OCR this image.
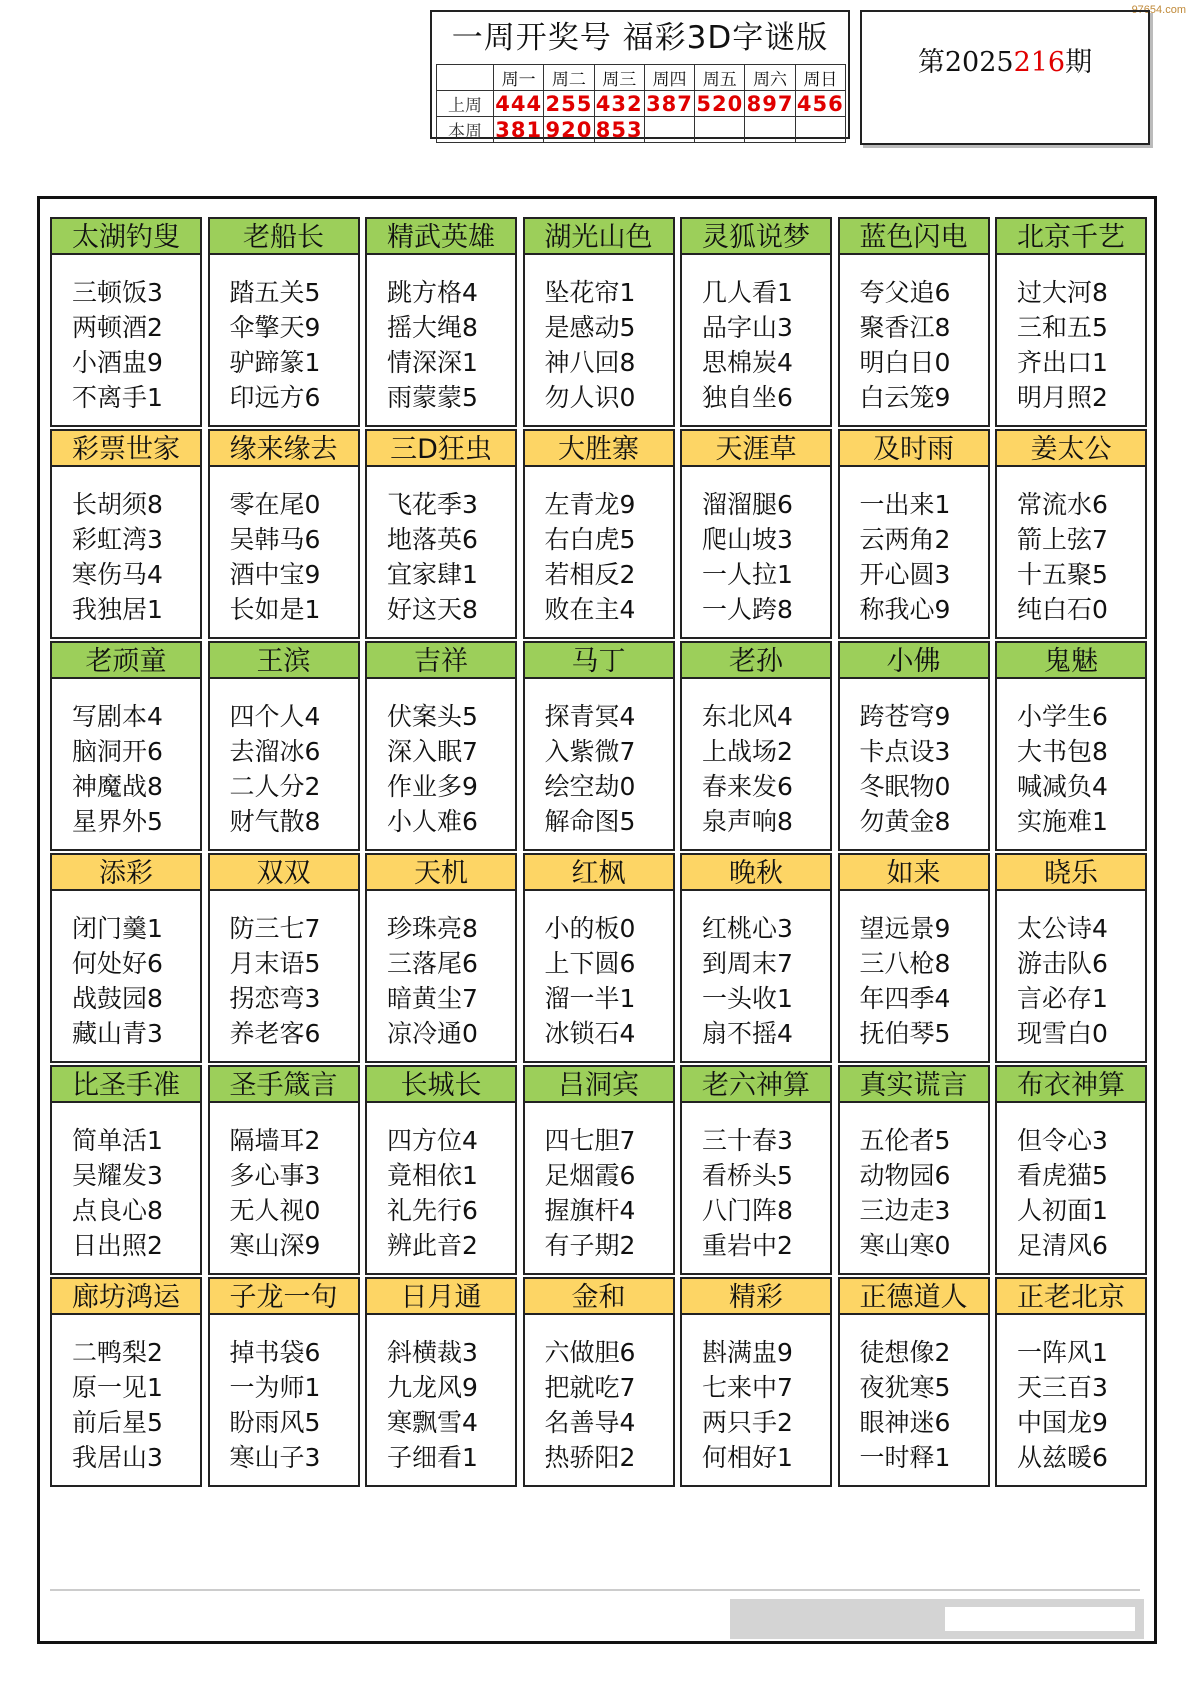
97654.com
一周开奖号 福彩3D字谜版
	周一	周二	周三	周四	周五	周六	周日
上周	444	255	432	387	520	897	456
本周	381	920	853				
第2025216期
太湖钓叟
三顿饭3
两顿酒2
小酒盅9
不离手1
老船长
踏五关5
伞擎天9
驴蹄篆1
印远方6
精武英雄
跳方格4
摇大绳8
情深深1
雨蒙蒙5
湖光山色
坠花帘1
是感动5
神八回8
勿人识0
灵狐说梦
几人看1
品字山3
思棉炭4
独自坐6
蓝色闪电
夸父追6
聚香江8
明白日0
白云笼9
北京千艺
过大河8
三和五5
齐出口1
明月照2
彩票世家
长胡须8
彩虹湾3
寒伤马4
我独居1
缘来缘去
零在尾0
吴韩马6
酒中宝9
长如是1
三D狂虫
飞花季3
地落英6
宜家肆1
好这天8
大胜寨
左青龙9
右白虎5
若相反2
败在主4
天涯草
溜溜腿6
爬山坡3
一人拉1
一人跨8
及时雨
一出来1
云两角2
开心圆3
称我心9
姜太公
常流水6
箭上弦7
十五聚5
纯白石0
老顽童
写剧本4
脑洞开6
神魔战8
星界外5
王滨
四个人4
去溜冰6
二人分2
财气散8
吉祥
伏案头5
深入眠7
作业多9
小人难6
马丁
探青冥4
入紫微7
绘空劫0
解命图5
老孙
东北风4
上战场2
春来发6
泉声响8
小佛
跨苍穹9
卡点设3
冬眠物0
勿黄金8
鬼魅
小学生6
大书包8
喊减负4
实施难1
添彩
闭门羹1
何处好6
战鼓园8
藏山青3
双双
防三七7
月末语5
拐恋弯3
养老客6
天机
珍珠亮8
三落尾6
暗黄尘7
凉冷通0
红枫
小的板0
上下圆6
溜一半1
冰锁石4
晚秋
红桃心3
到周末7
一头收1
扇不摇4
如来
望远景9
三八枪8
年四季4
抚伯琴5
晓乐
太公诗4
游击队6
言必存1
现雪白0
比圣手准
简单活1
吴耀发3
点良心8
日出照2
圣手箴言
隔墙耳2
多心事3
无人视0
寒山深9
长城长
四方位4
竟相依1
礼先行6
辨此音2
吕洞宾
四七胆7
足烟霞6
握旗杆4
有子期2
老六神算
三十春3
看桥头5
八门阵8
重岩中2
真实谎言
五伦者5
动物园6
三边走3
寒山寒0
布衣神算
但令心3
看虎猫5
人初面1
足清风6
廊坊鸿运
二鸭梨2
原一见1
前后星5
我居山3
子龙一句
掉书袋6
一为师1
盼雨风5
寒山子3
日月通
斜横裁3
九龙风9
寒飘雪4
子细看1
金和
六做胆6
把就吃7
名善导4
热骄阳2
精彩
斟满盅9
七来中7
两只手2
何相好1
正德道人
徒想像2
夜犹寒5
眼神迷6
一时释1
正老北京
一阵风1
天三百3
中国龙9
从兹暖6
